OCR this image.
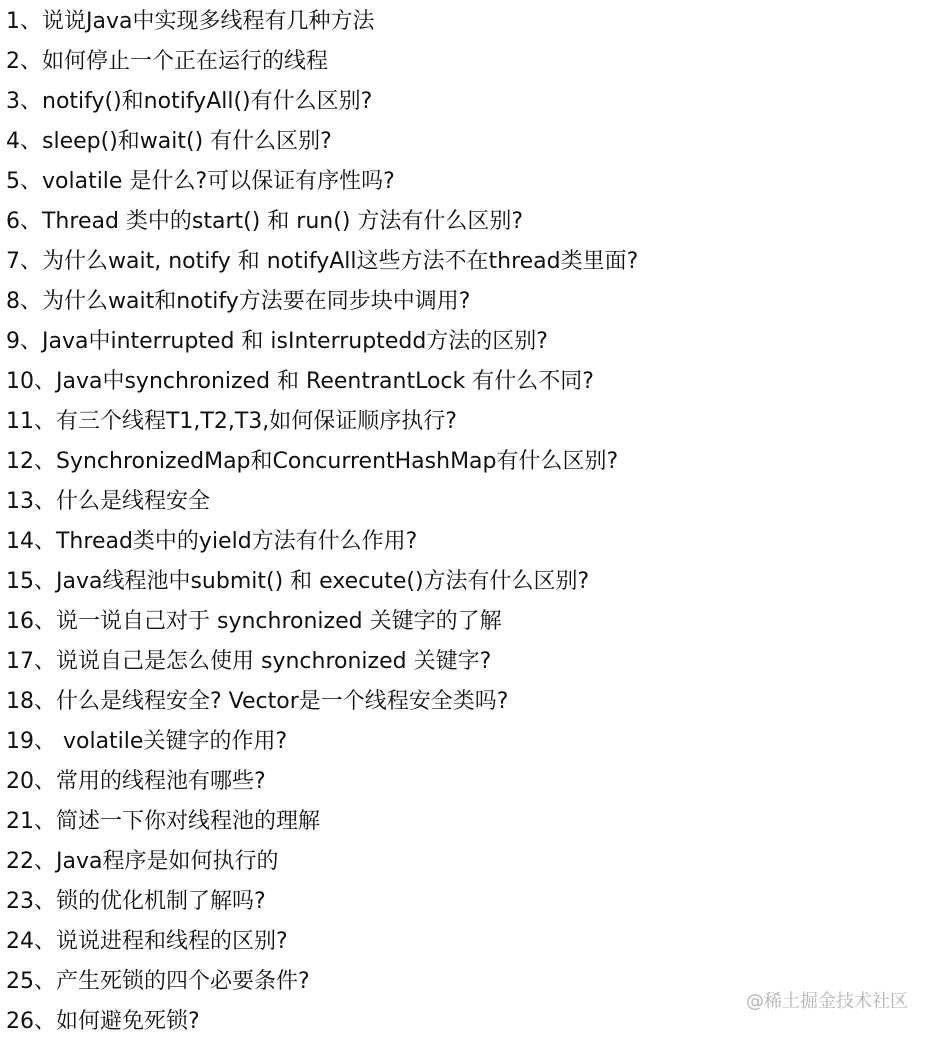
1、说说Java中实现多线程有几种方法
2、如何停止一个正在运行的线程
3、notify()和notifyAll()有什么区别?
4、sleep()和wait() 有什么区别?
5、volatile 是什么?可以保证有序性吗?
6、Thread 类中的start() 和 run() 方法有什么区别?
7、为什么wait, notify 和 notifyAll这些方法不在thread类里面?
8、为什么wait和notify方法要在同步块中调用?
9、Java中interrupted 和 isInterruptedd方法的区别?
10、Java中synchronized 和 ReentrantLock 有什么不同?
11、有三个线程T1,T2,T3,如何保证顺序执行?
12、SynchronizedMap和ConcurrentHashMap有什么区别?
13、什么是线程安全
14、Thread类中的yield方法有什么作用?
15、Java线程池中submit() 和 execute()方法有什么区别?
16、说一说自己对于 synchronized 关键字的了解
17、说说自己是怎么使用 synchronized 关键字?
18、什么是线程安全? Vector是一个线程安全类吗?
19、 volatile关键字的作用?
20、常用的线程池有哪些?
21、简述一下你对线程池的理解
22、Java程序是如何执行的
23、锁的优化机制了解吗?
24、说说进程和线程的区别?
25、产生死锁的四个必要条件?
26、如何避免死锁?
@稀土掘金技术社区
